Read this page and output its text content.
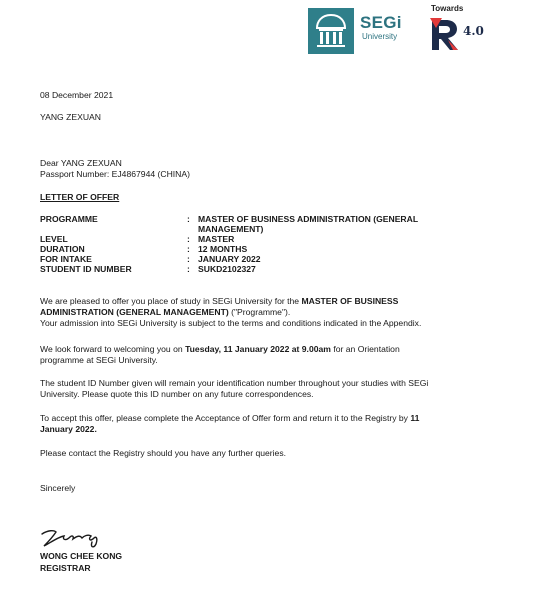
SEGi
University
Towards
4.0
08 December 2021
YANG ZEXUAN
Dear YANG ZEXUAN
Passport Number: EJ4867944 (CHINA)
LETTER OF OFFER
PROGRAMME	: MASTER OF BUSINESS ADMINISTRATION (GENERAL
MANAGEMENT)
LEVEL	: MASTER
DURATION	: 12 MONTHS
FOR INTAKE	: JANUARY 2022
STUDENT ID NUMBER	: SUKD2102327
We are pleased to offer you place of study in SEGi University for the MASTER OF BUSINESS
ADMINISTRATION (GENERAL MANAGEMENT) ("Programme").
Your admission into SEGi University is subject to the terms and conditions indicated in the Appendix.
We look forward to welcoming you on Tuesday, 11 January 2022 at 9.00am for an Orientation
programme at SEGi University.
The student ID Number given will remain your identification number throughout your studies with SEGi
University. Please quote this ID number on any future correspondences.
To accept this offer, please complete the Acceptance of Offer form and return it to the Registry by 11
January 2022.
Please contact the Registry should you have any further queries.
Sincerely
WONG CHEE KONG
REGISTRAR
